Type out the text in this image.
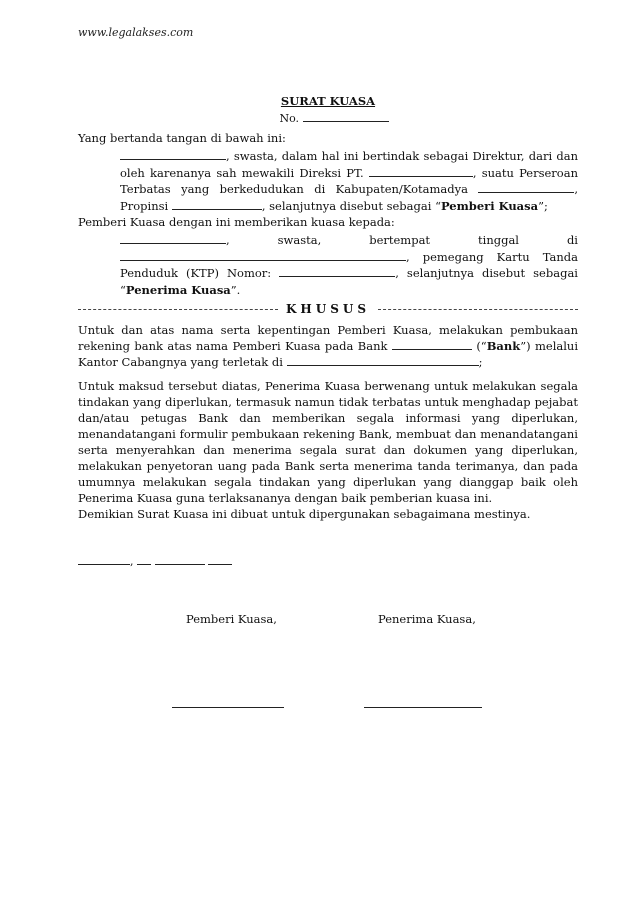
www.legalakses.com
SURAT KUASA
No.
Yang bertanda tangan di bawah ini:
, swasta, dalam hal ini bertindak sebagai Direktur, dari dan oleh karenanya sah mewakili Direksi PT.	, suatu Perseroan Terbatas yang berkedudukan di Kabupaten/Kotamadya	, Propinsi	, selanjutnya disebut sebagai “Pemberi Kuasa”;
Pemberi Kuasa dengan ini memberikan kuasa kepada:
, swasta, bertempat tinggal di , pemegang Kartu Tanda Penduduk (KTP) Nomor:	, selanjutnya disebut sebagai “Penerima Kuasa”.
KHUSUS
Untuk dan atas nama serta kepentingan Pemberi Kuasa, melakukan pembukaan rekening bank atas nama Pemberi Kuasa pada Bank	(“Bank”) melalui Kantor Cabangnya yang terletak di	;
Untuk maksud tersebut diatas, Penerima Kuasa berwenang untuk melakukan segala tindakan yang diperlukan, termasuk namun tidak terbatas untuk menghadap pejabat dan/atau petugas Bank dan memberikan segala informasi yang diperlukan, menandatangani formulir pembukaan rekening Bank, membuat dan menandatangani serta menyerahkan dan menerima segala surat dan dokumen yang diperlukan, melakukan penyetoran uang pada Bank serta menerima tanda terimanya, dan pada umumnya melakukan segala tindakan yang diperlukan yang dianggap baik oleh Penerima Kuasa guna terlaksananya dengan baik pemberian kuasa ini.
Demikian Surat Kuasa ini dibuat untuk dipergunakan sebagaimana mestinya.
,
Pemberi Kuasa,	Penerima Kuasa,
